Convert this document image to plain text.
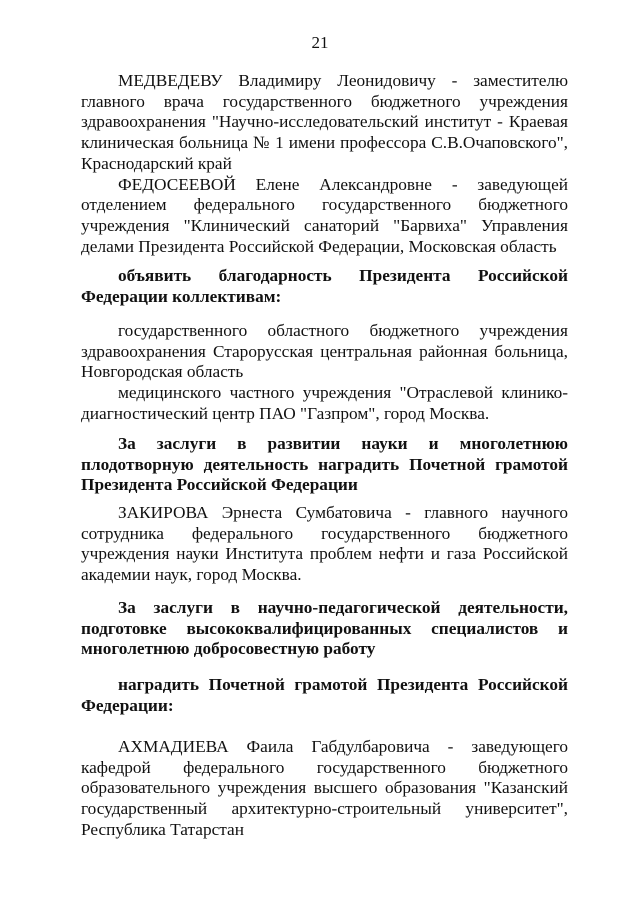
21

МЕДВЕДЕВУ Владимиру Леонидовичу - заместителю главного врача государственного бюджетного учреждения здравоохранения "Научно-исследовательский институт - Краевая клиническая больница № 1 имени профессора С.В.Очаповского", Краснодарский край

ФЕДОСЕЕВОЙ Елене Александровне - заведующей отделением федерального государственного бюджетного учреждения "Клинический санаторий "Барвиха" Управления делами Президента Российской Федерации, Московская область

объявить благодарность Президента Российской Федерации коллективам:

государственного областного бюджетного учреждения здравоохранения Старорусская центральная районная больница, Новгородская область

медицинского частного учреждения "Отраслевой клинико-диагностический центр ПАО "Газпром", город Москва.

За заслуги в развитии науки и многолетнюю плодотворную деятельность наградить Почетной грамотой Президента Российской Федерации

ЗАКИРОВА Эрнеста Сумбатовича - главного научного сотрудника федерального государственного бюджетного учреждения науки Института проблем нефти и газа Российской академии наук, город Москва.

За заслуги в научно-педагогической деятельности, подготовке высококвалифицированных специалистов и многолетнюю добросовестную работу

наградить Почетной грамотой Президента Российской Федерации:

АХМАДИЕВА Фаила Габдулбаровича - заведующего кафедрой федерального государственного бюджетного образовательного учреждения высшего образования "Казанский государственный архитектурно-строительный университет", Республика Татарстан
